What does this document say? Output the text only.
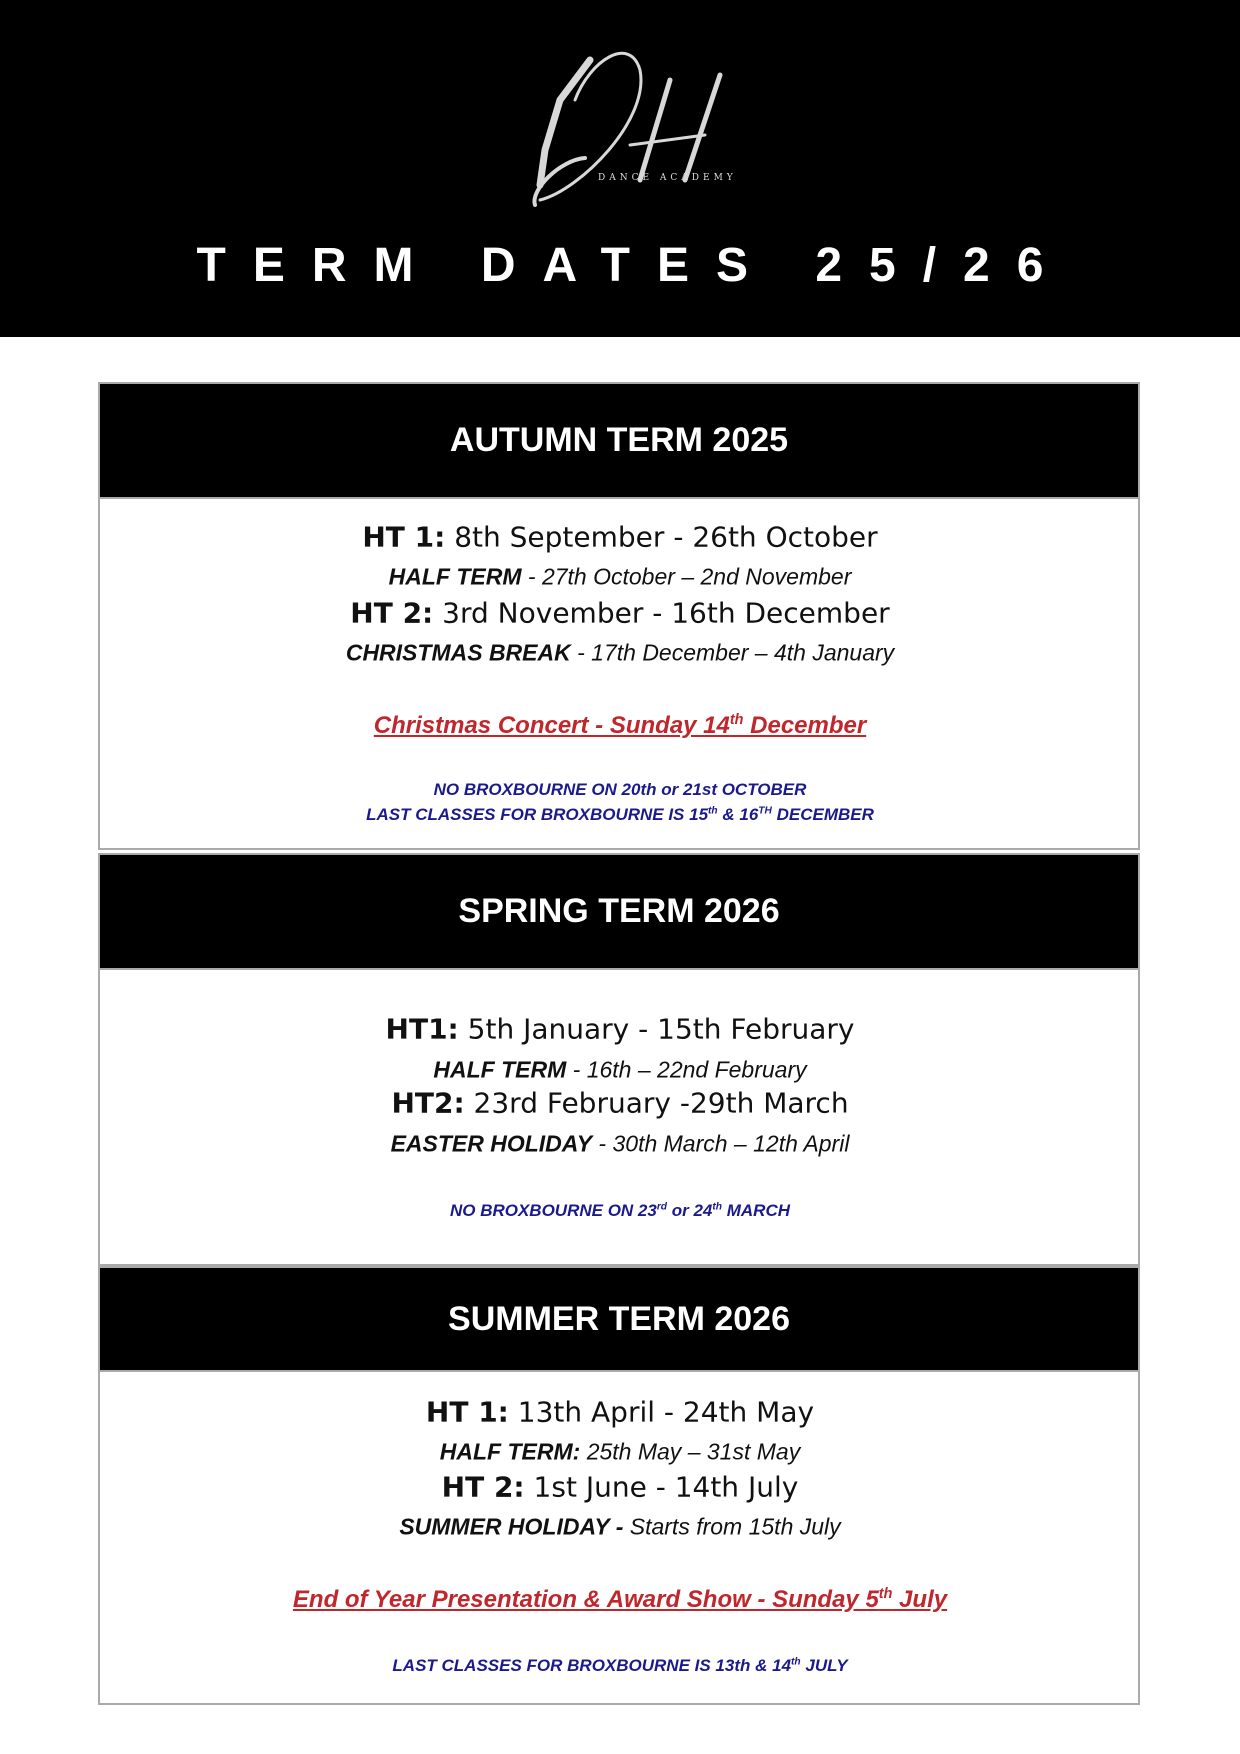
DANCE ACADEMY
TERM DATES 25/26
AUTUMN TERM 2025
HT 1: 8th September - 26th October
HALF TERM - 27th October – 2nd November
HT 2: 3rd November - 16th December
CHRISTMAS BREAK - 17th December – 4th January
Christmas Concert - Sunday 14th December
NO BROXBOURNE ON 20th or 21st OCTOBER
LAST CLASSES FOR BROXBOURNE IS 15th & 16TH DECEMBER
SPRING TERM 2026
HT1: 5th January - 15th February
HALF TERM - 16th – 22nd February
HT2: 23rd February -29th March
EASTER HOLIDAY - 30th March – 12th April
NO BROXBOURNE ON 23rd or 24th MARCH
SUMMER TERM 2026
HT 1: 13th April - 24th May
HALF TERM: 25th May – 31st May
HT 2: 1st June - 14th July
SUMMER HOLIDAY - Starts from 15th July
End of Year Presentation & Award Show - Sunday 5th July
LAST CLASSES FOR BROXBOURNE IS 13th & 14th JULY
